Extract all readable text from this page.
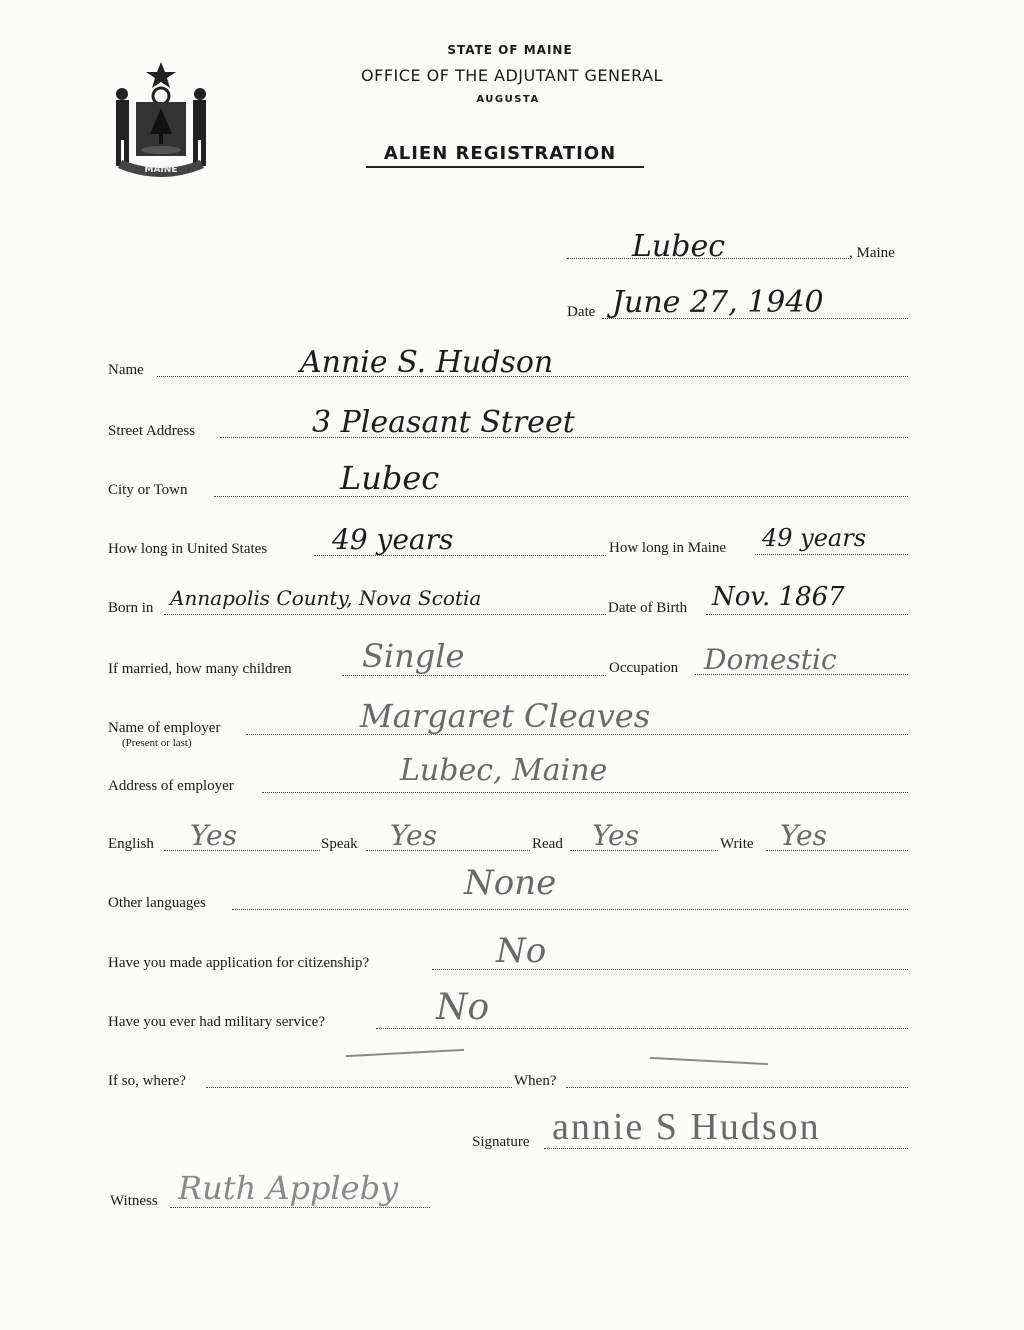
MAINE
STATE OF MAINE
OFFICE OF THE ADJUTANT GENERAL
AUGUSTA
ALIEN REGISTRATION
Lubec	, Maine
Date June 27, 1940
Name	Annie S. Hudson
Street Address	3 Pleasant Street
City or Town	Lubec
How long in United States 49 years	How long in Maine 49 years
Born in Annapolis County, Nova Scotia	Date of Birth Nov. 1867
If married, how many children Single	Occupation Domestic
Name of employer
(Present or last)
Margaret Cleaves
Address of employer	Lubec, Maine
English Yes	Speak Yes	Read Yes	Write Yes
Other languages	None
Have you made application for citizenship?	No
Have you ever had military service?	No
If so, where?	When?
Signature annie S Hudson
Witness Ruth Appleby
